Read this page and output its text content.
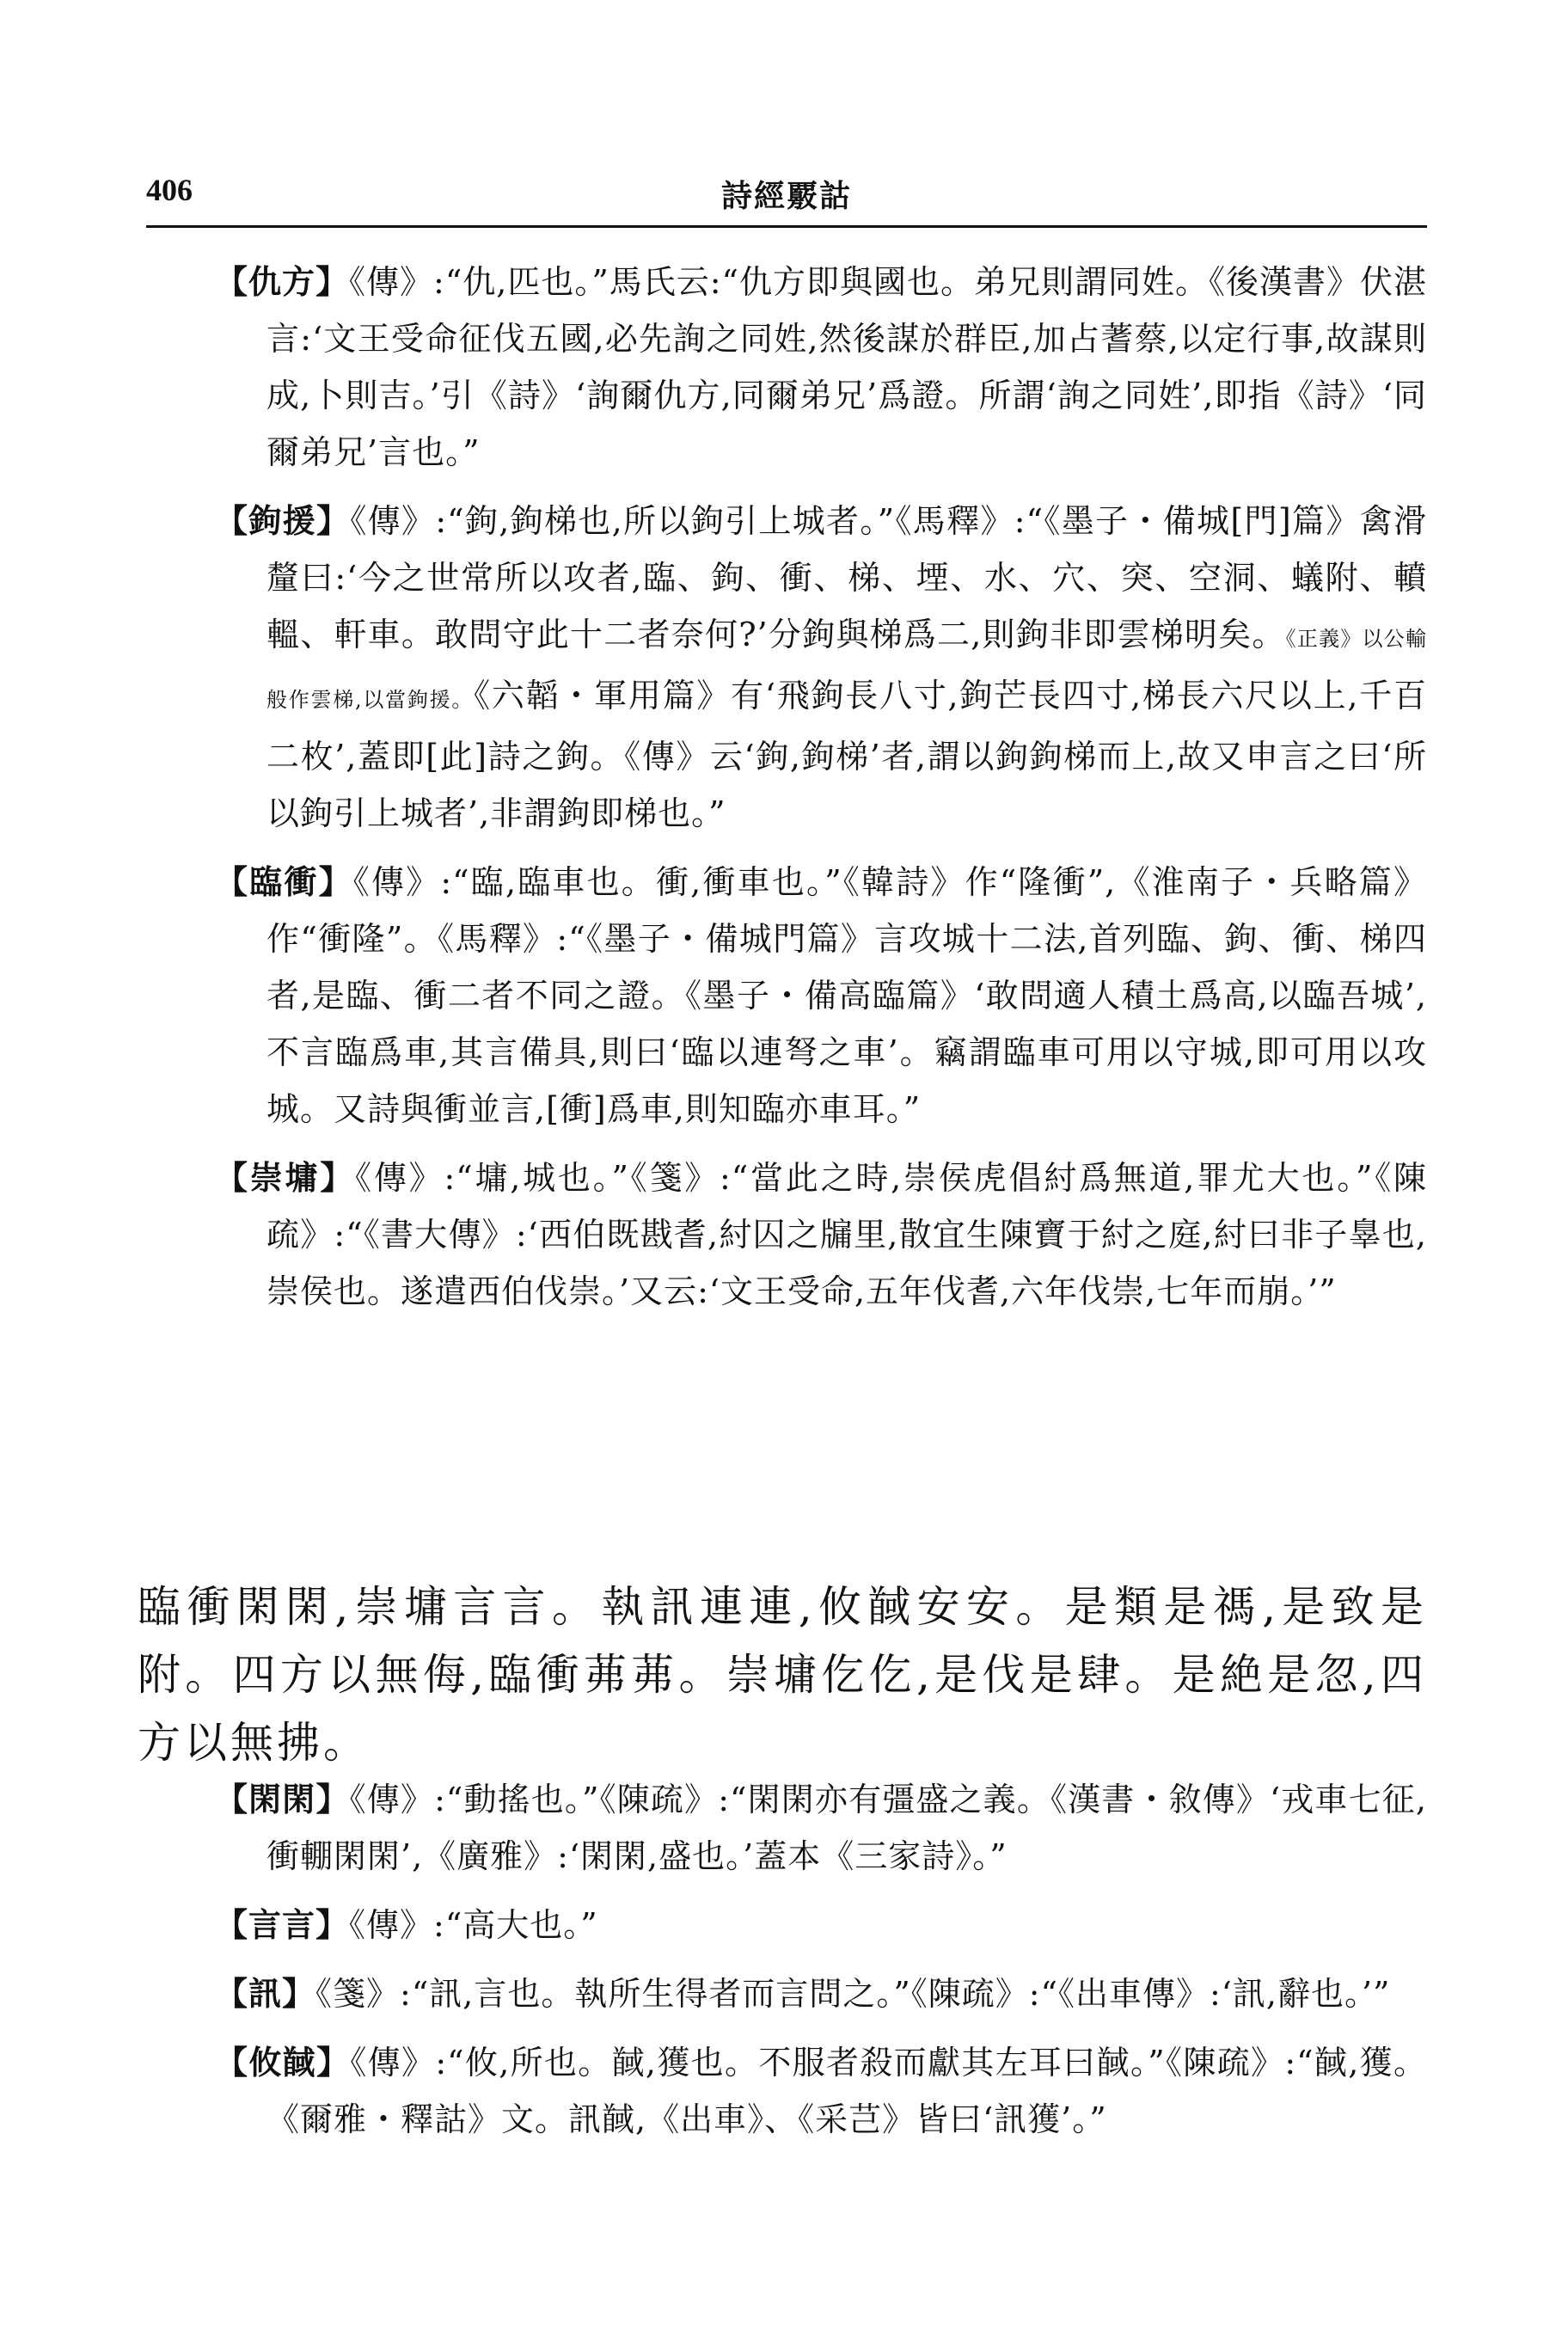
406	詩經覈詁

【仇方】《傳》:“仇,匹也。”馬氏云:“仇方即與國也。弟兄則謂同姓。《後漢書》伏湛言:‘文王受命征伐五國,必先詢之同姓,然後謀於群臣,加占蓍蔡,以定行事,故謀則成,卜則吉。’引《詩》‘詢爾仇方,同爾弟兄’爲證。所謂‘詢之同姓’,即指《詩》‘同爾弟兄’言也。”

【鉤援】《傳》:“鉤,鉤梯也,所以鉤引上城者。”《馬釋》:“《墨子・備城[門]篇》禽滑釐曰:‘今之世常所以攻者,臨、鉤、衝、梯、堙、水、穴、突、空洞、蟻附、轒轀、軒車。敢問守此十二者奈何?’分鉤與梯爲二,則鉤非即雲梯明矣。《正義》以公輸般作雲梯,以當鉤援。《六韜・軍用篇》有‘飛鉤長八寸,鉤芒長四寸,梯長六尺以上,千百二枚’,蓋即[此]詩之鉤。《傳》云‘鉤,鉤梯’者,謂以鉤鉤梯而上,故又申言之曰‘所以鉤引上城者’,非謂鉤即梯也。”

【臨衝】《傳》:“臨,臨車也。衝,衝車也。”《韓詩》作“隆衝”,《淮南子・兵略篇》作“衝隆”。《馬釋》:“《墨子・備城門篇》言攻城十二法,首列臨、鉤、衝、梯四者,是臨、衝二者不同之證。《墨子・備高臨篇》‘敢問適人積土爲高,以臨吾城’,不言臨爲車,其言備具,則曰‘臨以連弩之車’。竊謂臨車可用以守城,即可用以攻城。又詩與衝並言,[衝]爲車,則知臨亦車耳。”

【崇墉】《傳》:“墉,城也。”《箋》:“當此之時,崇侯虎倡紂爲無道,罪尤大也。”《陳疏》:“《書大傳》:‘西伯既戡耆,紂囚之牖里,散宜生陳寶于紂之庭,紂曰非子辠也,崇侯也。遂遣西伯伐崇。’又云:‘文王受命,五年伐耆,六年伐崇,七年而崩。’”

臨衝閑閑,崇墉言言。執訊連連,攸馘安安。是類是禡,是致是附。四方以無侮,臨衝茀茀。崇墉仡仡,是伐是肆。是絶是忽,四方以無拂。

【閑閑】《傳》:“動搖也。”《陳疏》:“閑閑亦有彊盛之義。《漢書・敘傳》‘戎車七征,衝輣閑閑’,《廣雅》:‘閑閑,盛也。’蓋本《三家詩》。”

【言言】《傳》:“高大也。”

【訊】《箋》:“訊,言也。執所生得者而言問之。”《陳疏》:“《出車傳》:‘訊,辭也。’”

【攸馘】《傳》:“攸,所也。馘,獲也。不服者殺而獻其左耳曰馘。”《陳疏》:“馘,獲。《爾雅・釋詁》文。訊馘,《出車》、《采芑》皆曰‘訊獲’。”
